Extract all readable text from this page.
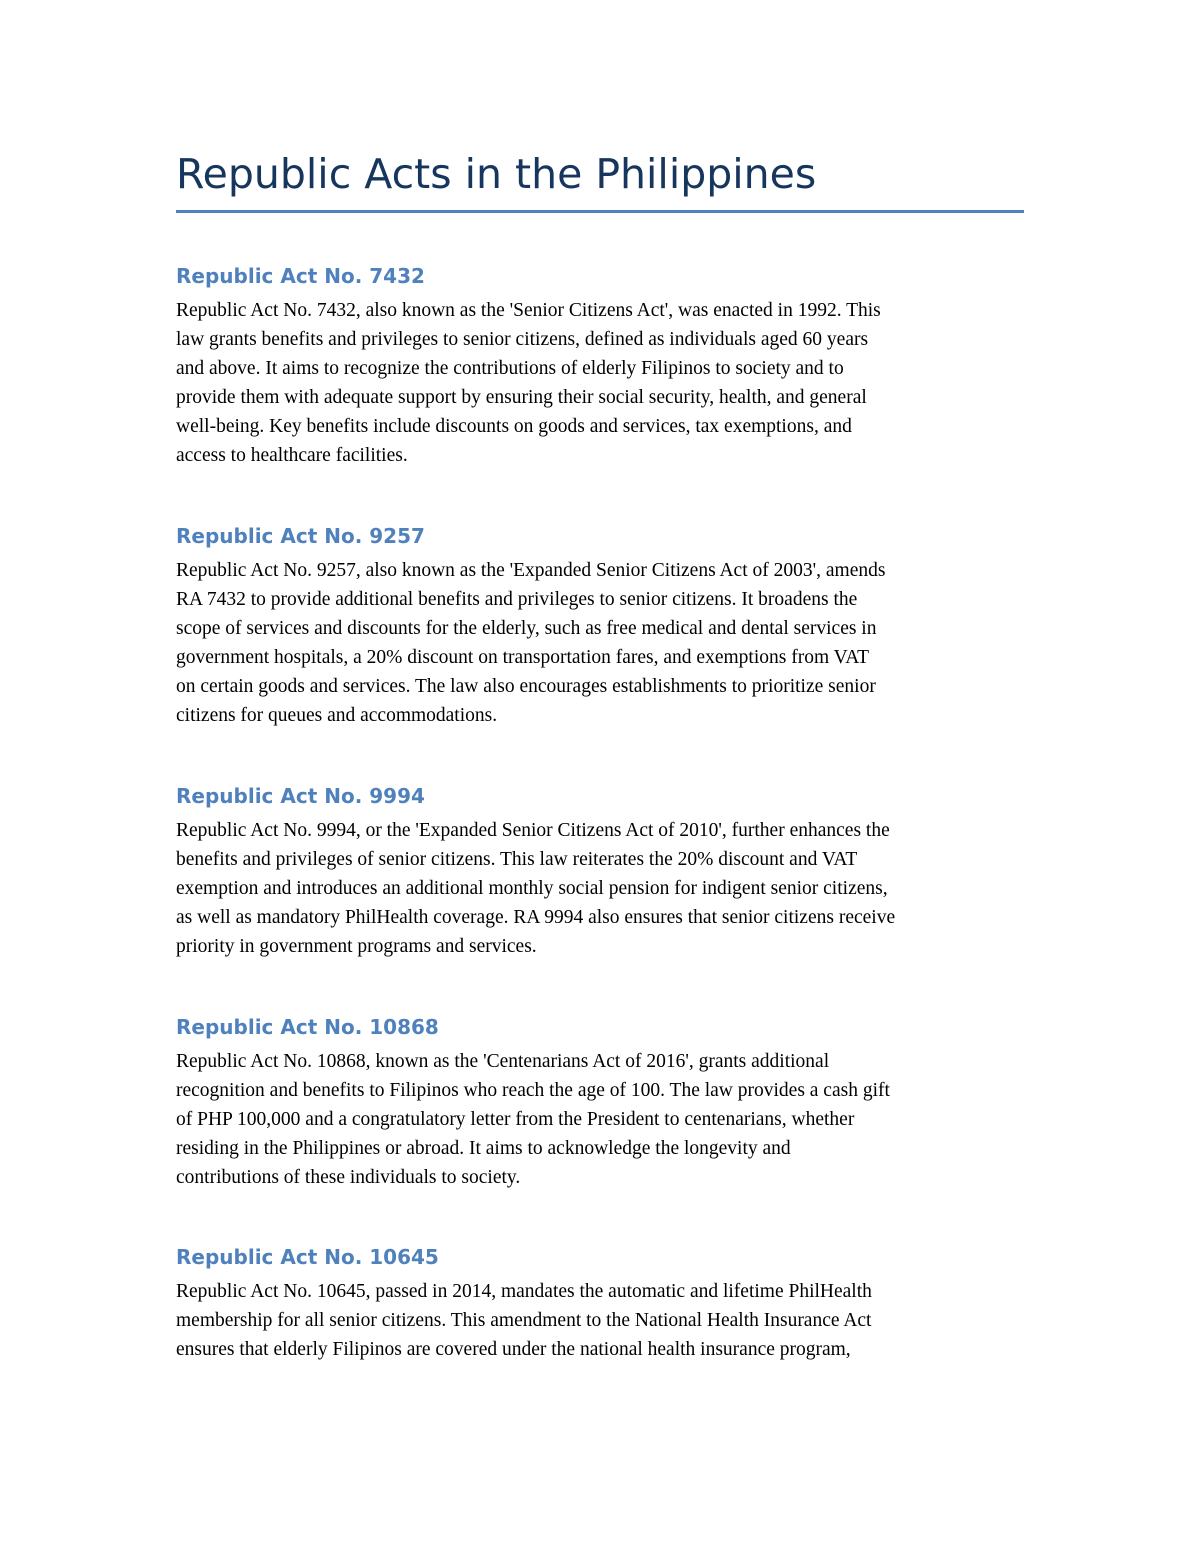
Republic Acts in the Philippines
Republic Act No. 7432

Republic Act No. 7432, also known as the 'Senior Citizens Act', was enacted in 1992. This
law grants benefits and privileges to senior citizens, defined as individuals aged 60 years
and above. It aims to recognize the contributions of elderly Filipinos to society and to
provide them with adequate support by ensuring their social security, health, and general
well-being. Key benefits include discounts on goods and services, tax exemptions, and
access to healthcare facilities.

Republic Act No. 9257

Republic Act No. 9257, also known as the 'Expanded Senior Citizens Act of 2003', amends
RA 7432 to provide additional benefits and privileges to senior citizens. It broadens the
scope of services and discounts for the elderly, such as free medical and dental services in
government hospitals, a 20% discount on transportation fares, and exemptions from VAT
on certain goods and services. The law also encourages establishments to prioritize senior
citizens for queues and accommodations.

Republic Act No. 9994

Republic Act No. 9994, or the 'Expanded Senior Citizens Act of 2010', further enhances the
benefits and privileges of senior citizens. This law reiterates the 20% discount and VAT
exemption and introduces an additional monthly social pension for indigent senior citizens,
as well as mandatory PhilHealth coverage. RA 9994 also ensures that senior citizens receive
priority in government programs and services.

Republic Act No. 10868

Republic Act No. 10868, known as the 'Centenarians Act of 2016', grants additional
recognition and benefits to Filipinos who reach the age of 100. The law provides a cash gift
of PHP 100,000 and a congratulatory letter from the President to centenarians, whether
residing in the Philippines or abroad. It aims to acknowledge the longevity and
contributions of these individuals to society.

Republic Act No. 10645

Republic Act No. 10645, passed in 2014, mandates the automatic and lifetime PhilHealth
membership for all senior citizens. This amendment to the National Health Insurance Act
ensures that elderly Filipinos are covered under the national health insurance program,
